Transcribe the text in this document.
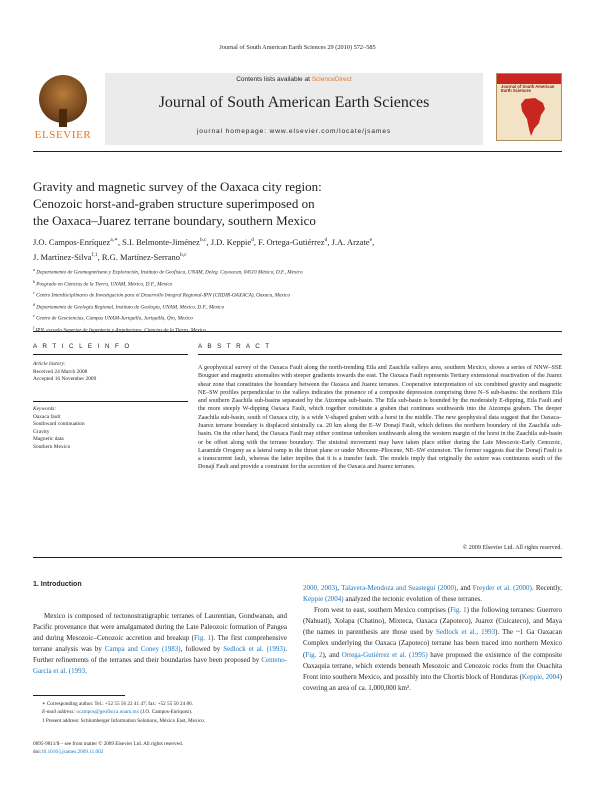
Journal of South American Earth Sciences 29 (2010) 572–585
ELSEVIER
Contents lists available at ScienceDirect
Journal of South American Earth Sciences
journal homepage: www.elsevier.com/locate/jsames
Journal of South American Earth Sciences
Gravity and magnetic survey of the Oaxaca city region:
Cenozoic horst-and-graben structure superimposed on
the Oaxaca–Juarez terrane boundary, southern Mexico
J.O. Campos-Enríquez$^{a,∗}$, S.I. Belmonte-Jiménez$^{b,c}$, J.D. Keppie$^d$, F. Ortega-Gutiérrez$^d$, J.A. Arzate$^e$,
J. Martínez-Silva$^{f,1}$, R.G. Martínez-Serrano$^{b,c}$
$^a$ Departamento de Geomagnetismo y Exploración, Instituto de Geofísica, UNAM, Deleg. Coyoacan, 04510 México, D.F., Mexico
$^b$ Posgrado en Ciencias de la Tierra, UNAM, México, D.F., Mexico
$^c$ Centro Interdisciplinario de Investigación para el Desarrollo Integral Regional-IPN (CIIDIR-OAXACA), Oaxaca, Mexico
$^d$ Departamento de Geología Regional, Instituto de Geología, UNAM, México, D.F., Mexico
$^e$ Centro de Geociencias, Campus UNAM-Juriquilla, Juriquilla, Qro, Mexico
$^f$ IPN, escuela Superior de Ingeniería y Arquitectura, Ciencias de la Tierra, Mexico
A R T I C L E I N F O	A B S T R A C T
Article history:
Received 24 March 2008
Accepted 16 November 2009
Keywords:
Oaxaca fault
Southward continuation
Gravity
Magnetic data
Southern Mexico
A geophysical survey of the Oaxaca Fault along the north-trending Etla and Zaachila valleys area, southern Mexico, shows a series of NNW–SSE Bouguer and magnetic anomalies with steeper gradients towards the east. The Oaxaca Fault represents Tertiary extensional reactivation of the Juarez shear zone that constitutes the boundary between the Oaxaca and Juarez terranes. Cooperative interpretation of six combined gravity and magnetic NE–SW profiles perpendicular to the valleys indicates the presence of a composite depression comprising three N–S sub-basins: the northern Etla and southern Zaachila sub-basins separated by the Atzompa sub-basin. The Etla sub-basin is bounded by the moderately E-dipping, Etla Fault and the more steeply W-dipping Oaxaca Fault, which together constitute a graben that continues southwards into the Atzompa graben. The deeper Zaachila sub-basin, south of Oaxaca city, is a wide V-shaped graben with a horst in the middle. The new geophysical data suggest that the Oaxaca–Juarez terrane boundary is displaced sinistrally ca. 20 km along the E–W Donají Fault, which defines the northern boundary of the Zaachila sub-basin. On the other hand, the Oaxaca Fault may either continue unbroken southwards along the western margin of the horst in the Zaachila sub-basin or be offset along with the terrane boundary. The sinistral movement may have taken place either during the Late Mesozoic-Early Cenozoic, Laramide Orogeny as a lateral ramp in the thrust plane or under Miocene–Pliocene, NE–SW extension. The former suggests that the Donají Fault is a transcurrent fault, whereas the latter implies that it is a transfer fault. The models imply that originally the suture was continuous south of the Donají Fault and provide a constraint for the accretion of the Oaxaca and Juarez terranes.
© 2009 Elsevier Ltd. All rights reserved.
1. Introduction

Mexico is composed of tectonostratigraphic terranes of Laurentian, Gondwanan, and Pacific provenance that were amalgamated during the Late Paleozoic formation of Pangea and during Mesozoic–Cenozoic accretion and breakup (Fig. 1). The first comprehensive terrane analysis was by Campa and Coney (1983), followed by Sedlock et al. (1993). Further refinements of the terranes and their boundaries have been proposed by Centeno-García et al. (1993,

2000, 2003), Talavera-Mendoza and Suastegui (2000), and Freyder et al. (2000). Recently, Keppie (2004) analyzed the tectonic evolution of these terranes.

From west to east, southern Mexico comprises (Fig. 1) the following terranes: Guerrero (Nahuatl), Xolapa (Chatino), Mixteca, Oaxaca (Zapoteco), Juarez (Cuicateco), and Maya (the names in parenthesis are those used by Sedlock et al., 1993). The ~1 Ga Oaxacan Complex underlying the Oaxaca (Zapoteco) terrane has been traced into northern Mexico (Fig. 2), and Ortega-Gutiérrez et al. (1995) have proposed the existence of the composite Oaxaquia terrane, which extends beneath Mesozoic and Cenozoic rocks from the Ouachita Front into southern Mexico, and possibly into the Chortis block of Honduras (Keppie, 2004) covering an area of ca. 1,000,000 km².

∗ Corresponding author. Tel.: +52 55 56 22 41 47; fax: +52 55 50 24 86.
E-mail address: ocampos@geofisica.unam.mx (J.O. Campos-Enríquez).
1 Present address: Schlumberger Information Solutions, México East, Mexico.
0895-9811/$ – see front matter © 2009 Elsevier Ltd. All rights reserved.
doi:10.1016/j.jsames.2009.11.002
